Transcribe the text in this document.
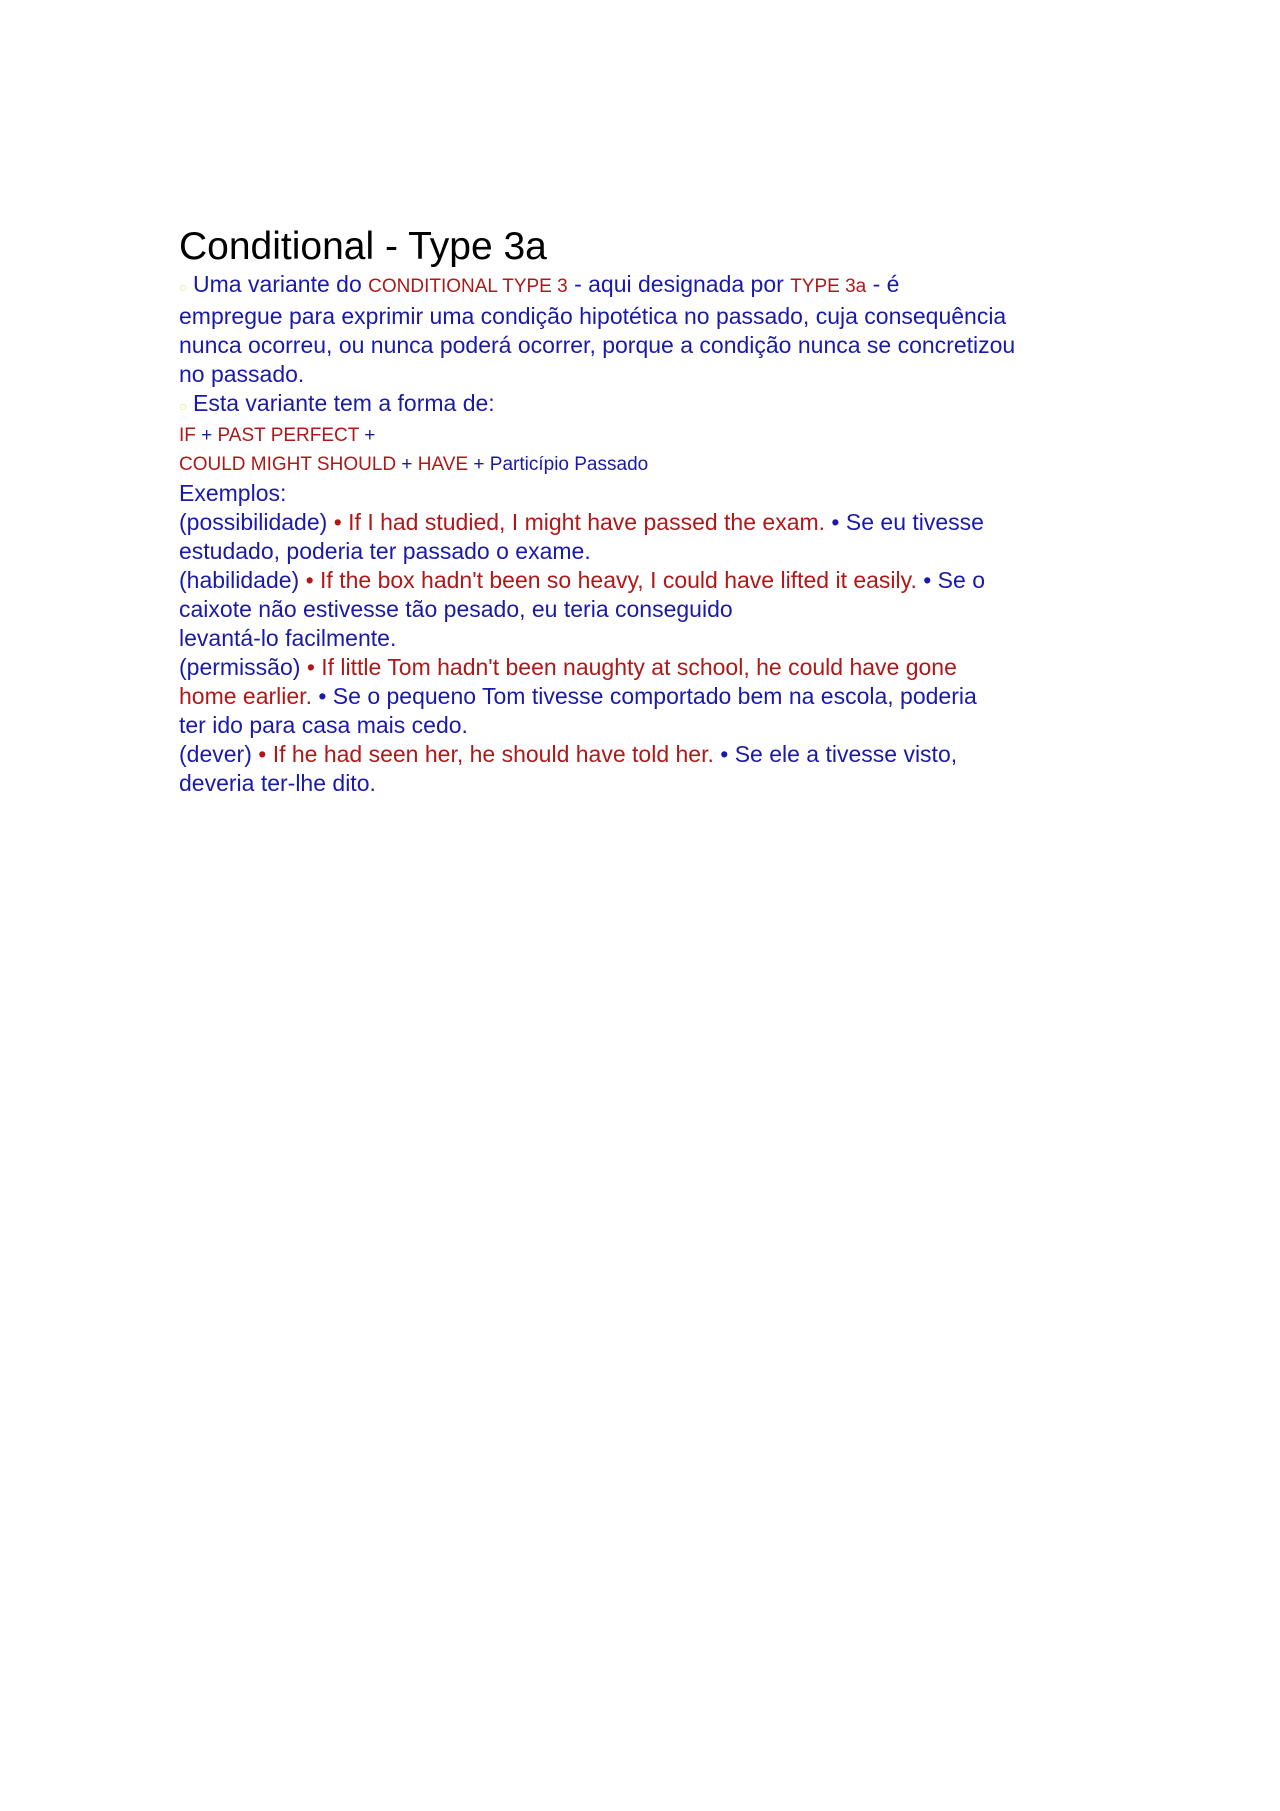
Conditional - Type 3a
○ Uma variante do CONDITIONAL TYPE 3 - aqui designada por TYPE 3a - é
empregue para exprimir uma condição hipotética no passado, cuja consequência
nunca ocorreu, ou nunca poderá ocorrer, porque a condição nunca se concretizou
no passado.
○ Esta variante tem a forma de:
IF + PAST PERFECT +
COULD MIGHT SHOULD + HAVE + Particípio Passado
Exemplos:
(possibilidade) • If I had studied, I might have passed the exam. • Se eu tivesse
estudado, poderia ter passado o exame.
(habilidade) • If the box hadn't been so heavy, I could have lifted it easily. • Se o
caixote não estivesse tão pesado, eu teria conseguido
levantá-lo facilmente.
(permissão) • If little Tom hadn't been naughty at school, he could have gone
home earlier. • Se o pequeno Tom tivesse comportado bem na escola, poderia
ter ido para casa mais cedo.
(dever) • If he had seen her, he should have told her. • Se ele a tivesse visto,
deveria ter-lhe dito.
